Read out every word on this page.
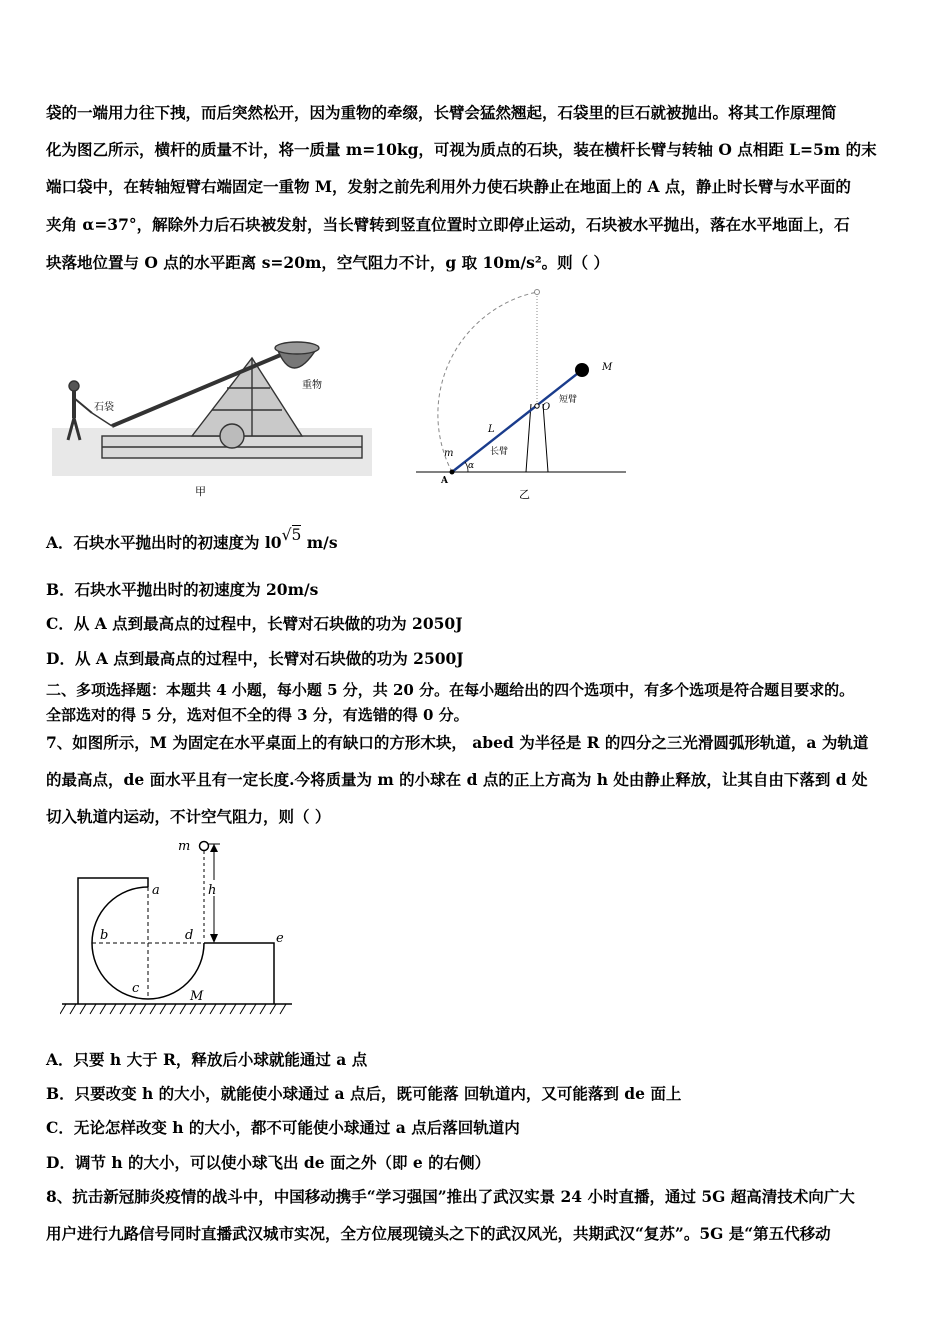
袋的一端用力往下拽，而后突然松开，因为重物的牵缀，长臂会猛然翘起，石袋里的巨石就被抛出。将其工作原理简
化为图乙所示，横杆的质量不计，将一质量 m=10kg，可视为质点的石块，装在横杆长臂与转轴 O 点相距 L=5m 的末
端口袋中，在转轴短臂右端固定一重物 M，发射之前先利用外力使石块静止在地面上的 A 点，静止时长臂与水平面的
夹角 α=37°，解除外力后石块被发射，当长臂转到竖直位置时立即停止运动，石块被水平抛出，落在水平地面上，石
块落地位置与 O 点的水平距离 s=20m，空气阻力不计，g 取 10m/s²。则（ ）
石袋
重物
甲
M
O
短臂
L
长臂
m
α
A
乙
A．石块水平抛出时的初速度为 l0√5 m/s
B．石块水平抛出时的初速度为 20m/s
C．从 A 点到最高点的过程中，长臂对石块做的功为 2050J
D．从 A 点到最高点的过程中，长臂对石块做的功为 2500J
二、多项选择题：本题共 4 小题，每小题 5 分，共 20 分。在每小题给出的四个选项中，有多个选项是符合题目要求的。
全部选对的得 5 分，选对但不全的得 3 分，有选错的得 0 分。
7、如图所示，M 为固定在水平桌面上的有缺口的方形木块， abed 为半径是 R 的四分之三光滑圆弧形轨道，a 为轨道
的最高点，de 面水平且有一定长度.今将质量为 m 的小球在 d 点的正上方高为 h 处由静止释放，让其自由下落到 d 处
切入轨道内运动，不计空气阻力，则（ ）
m
h
a
b
c
d	e
M
A．只要 h 大于 R，释放后小球就能通过 a 点
B．只要改变 h 的大小，就能使小球通过 a 点后，既可能落 回轨道内，又可能落到 de 面上
C．无论怎样改变 h 的大小，都不可能使小球通过 a 点后落回轨道内
D．调节 h 的大小，可以使小球飞出 de 面之外（即 e 的右侧）
8、抗击新冠肺炎疫情的战斗中，中国移动携手“学习强国”推出了武汉实景 24 小时直播，通过 5G 超高清技术向广大
用户进行九路信号同时直播武汉城市实况，全方位展现镜头之下的武汉风光，共期武汉“复苏”。5G 是“第五代移动
